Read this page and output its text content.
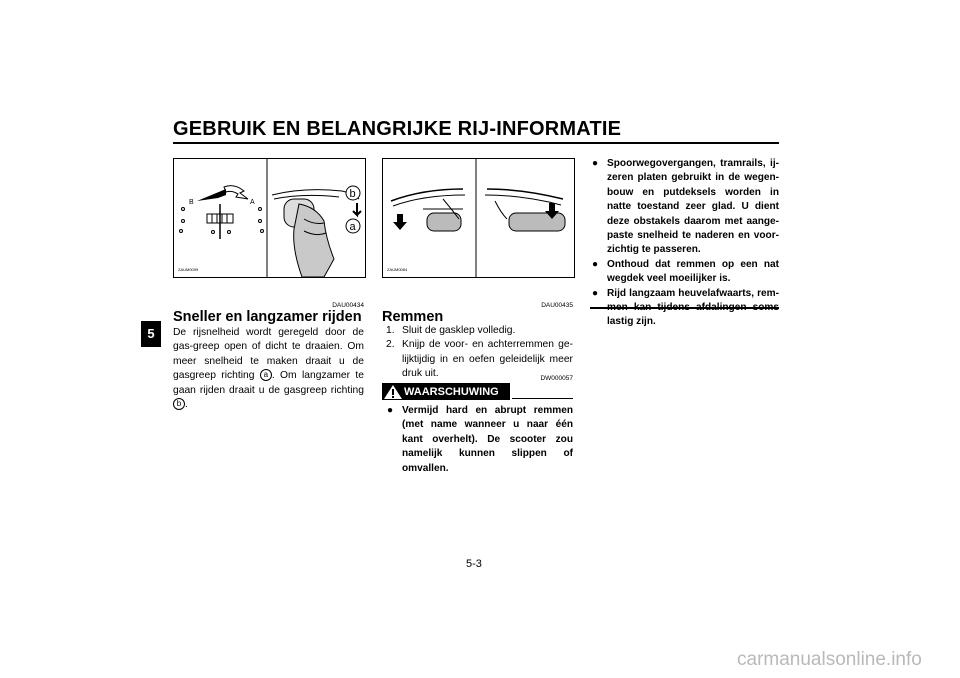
GEBRUIK EN BELANGRIJKE RIJ-INFORMATIE
5
B	A
ZAUM0099
b
a
ZAUM0084
DAU00434
Sneller en langzamer rijden
De rijsnelheid wordt geregeld door de gas-greep open of dicht te draaien. Om meer snelheid te maken draait u de gasgreep richting a . Om langzamer te gaan rijden draait u de gasgreep richting b .
DAU00435
Remmen
1. Sluit de gasklep volledig.
2. Knijp de voor- en achterremmen ge-lijktijdig in en oefen geleidelijk meer druk uit.	DW000057
WAARSCHUWING
● Vermijd hard en abrupt remmen (met name wanneer u naar één kant overhelt). De scooter zou namelijk kunnen slippen of omvallen.
● Spoorwegovergangen, tramrails, ij-zeren platen gebruikt in de wegen-bouw en putdeksels worden in natte toestand zeer glad. U dient deze obstakels daarom met aange-paste snelheid te naderen en voor-zichtig te passeren.
● Onthoud dat remmen op een nat wegdek veel moeilijker is.
● Rijd langzaam heuvelafwaarts, rem- lastig zijn.
5-3
carmanualsonline.info
